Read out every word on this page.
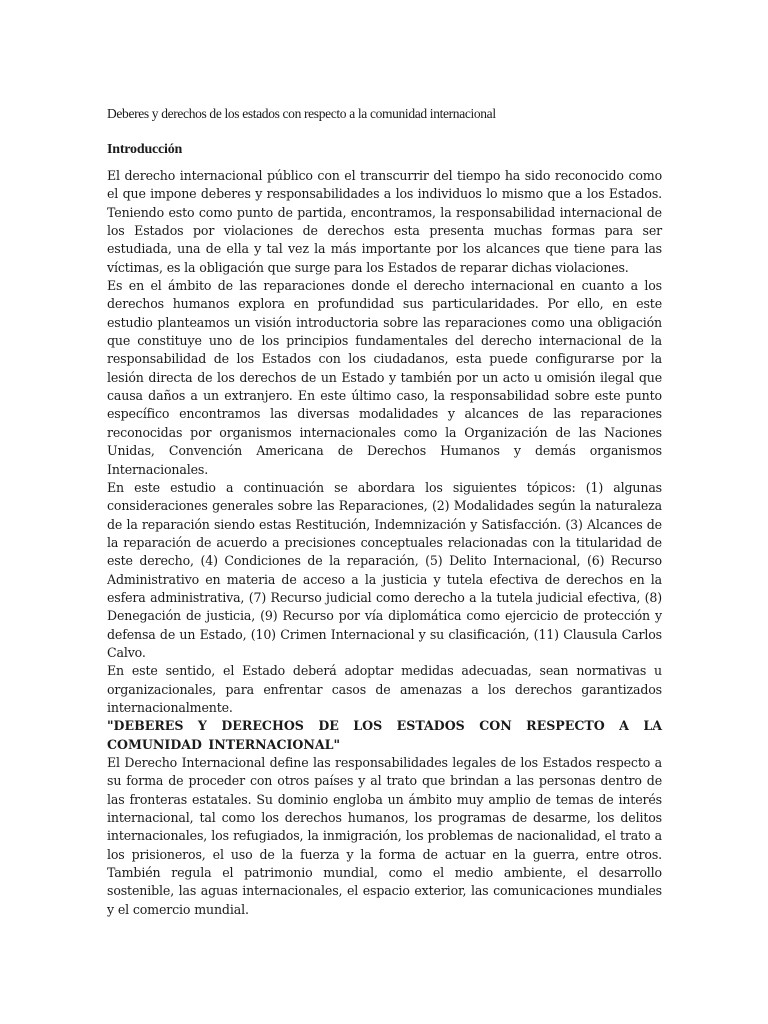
Deberes y derechos de los estados con respecto a la comunidad internacional
Introducción

El derecho internacional público con el transcurrir del tiempo ha sido reconocido como el que impone deberes y responsabilidades a los individuos lo mismo que a los Estados. Teniendo esto como punto de partida, encontramos, la responsabilidad internacional de los Estados por violaciones de derechos esta presenta muchas formas para ser estudiada, una de ella y tal vez la más importante por los alcances que tiene para las víctimas, es la obligación que surge para los Estados de reparar dichas violaciones.

Es en el ámbito de las reparaciones donde el derecho internacional en cuanto a los derechos humanos explora en profundidad sus particularidades. Por ello, en este estudio planteamos un visión introductoria sobre las reparaciones como una obligación que constituye uno de los principios fundamentales del derecho internacional de la responsabilidad de los Estados con los ciudadanos, esta puede configurarse por la lesión directa de los derechos de un Estado y también por un acto u omisión ilegal que causa daños a un extranjero. En este último caso, la responsabilidad sobre este punto específico encontramos las diversas modalidades y alcances de las reparaciones reconocidas por organismos internacionales como la Organización de las Naciones Unidas, Convención Americana de Derechos Humanos y demás organismos Internacionales.

En este estudio a continuación se abordara los siguientes tópicos: (1) algunas consideraciones generales sobre las Reparaciones, (2) Modalidades según la naturaleza de la reparación siendo estas Restitución, Indemnización y Satisfacción. (3) Alcances de la reparación de acuerdo a precisiones conceptuales relacionadas con la titularidad de este derecho, (4) Condiciones de la reparación, (5) Delito Internacional, (6) Recurso Administrativo en materia de acceso a la justicia y tutela efectiva de derechos en la esfera administrativa, (7) Recurso judicial como derecho a la tutela judicial efectiva, (8) Denegación de justicia, (9) Recurso por vía diplomática como ejercicio de protección y defensa de un Estado, (10) Crimen Internacional y su clasificación, (11) Clausula Carlos Calvo.

En este sentido, el Estado deberá adoptar medidas adecuadas, sean normativas u organizacionales, para enfrentar casos de amenazas a los derechos garantizados internacionalmente.

"DEBERES Y DERECHOS DE LOS ESTADOS CON RESPECTO A LA COMUNIDAD INTERNACIONAL"

El Derecho Internacional define las responsabilidades legales de los Estados respecto a su forma de proceder con otros países y al trato que brindan a las personas dentro de las fronteras estatales. Su dominio engloba un ámbito muy amplio de temas de interés internacional, tal como los derechos humanos, los programas de desarme, los delitos internacionales, los refugiados, la inmigración, los problemas de nacionalidad, el trato a los prisioneros, el uso de la fuerza y la forma de actuar en la guerra, entre otros. También regula el patrimonio mundial, como el medio ambiente, el desarrollo sostenible, las aguas internacionales, el espacio exterior, las comunicaciones mundiales y el comercio mundial.
